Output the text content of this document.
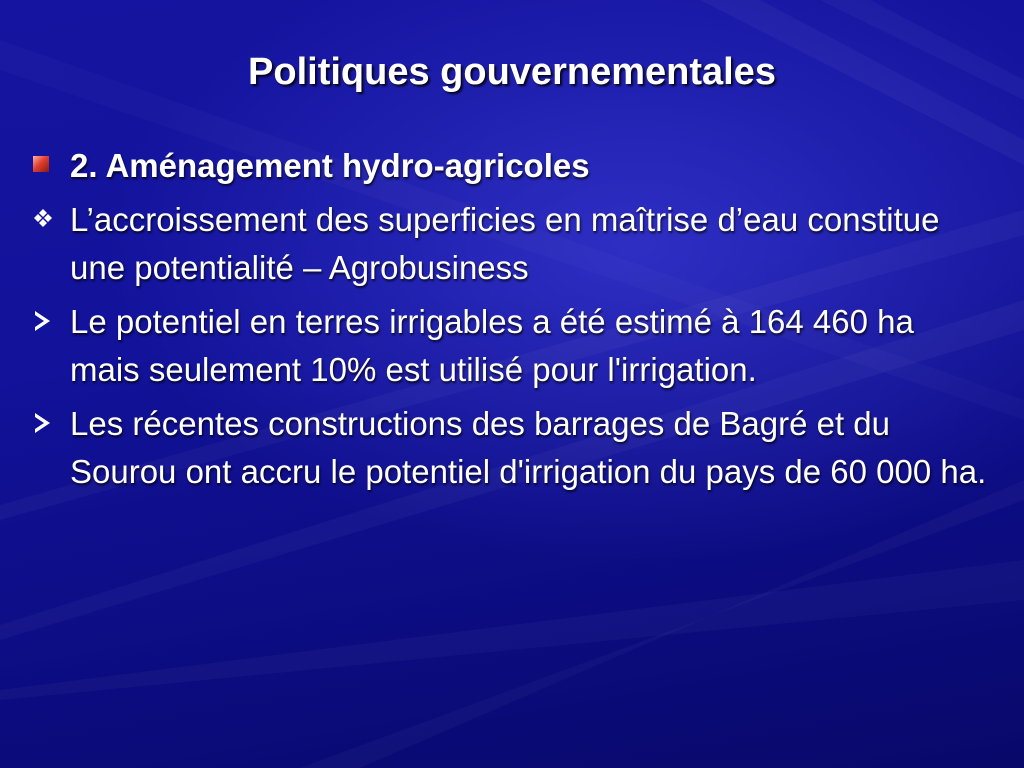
Politiques gouvernementales
2. Aménagement hydro-agricoles
L’accroissement des superficies en maîtrise d’eau constitue une potentialité – Agrobusiness
Le potentiel en terres irrigables a été estimé à 164 460 ha mais seulement 10% est utilisé pour l'irrigation.
Les récentes constructions des barrages de Bagré et du Sourou ont accru le potentiel d'irrigation du pays de 60 000 ha.
